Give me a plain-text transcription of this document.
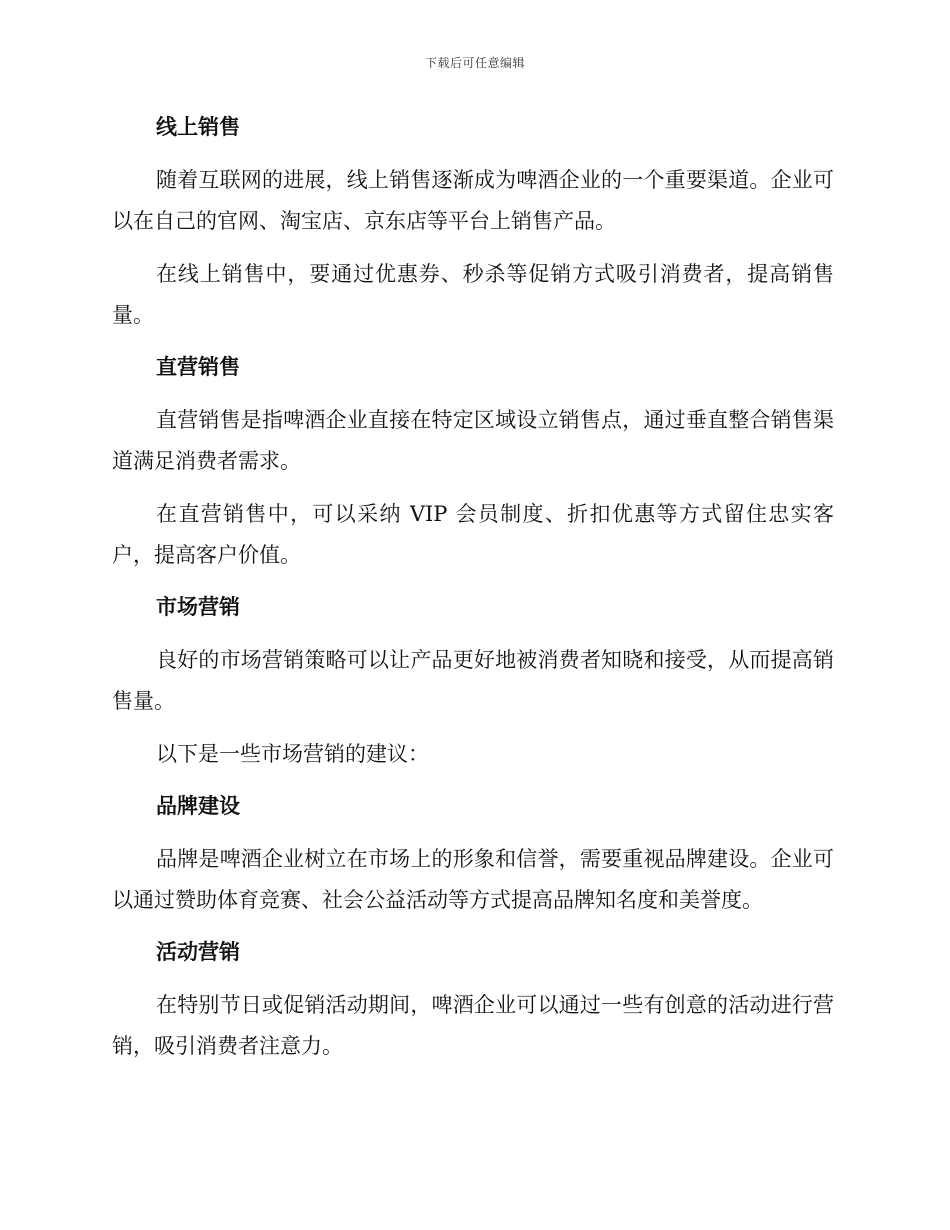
下载后可任意编辑
线上销售

随着互联网的进展，线上销售逐渐成为啤酒企业的一个重要渠道。企业可以在自己的官网、淘宝店、京东店等平台上销售产品。

在线上销售中，要通过优惠券、秒杀等促销方式吸引消费者，提高销售量。

直营销售

直营销售是指啤酒企业直接在特定区域设立销售点，通过垂直整合销售渠道满足消费者需求。

在直营销售中，可以采纳 VIP 会员制度、折扣优惠等方式留住忠实客户，提高客户价值。

市场营销

良好的市场营销策略可以让产品更好地被消费者知晓和接受，从而提高销售量。

以下是一些市场营销的建议：

品牌建设

品牌是啤酒企业树立在市场上的形象和信誉，需要重视品牌建设。企业可以通过赞助体育竞赛、社会公益活动等方式提高品牌知名度和美誉度。

活动营销

在特别节日或促销活动期间，啤酒企业可以通过一些有创意的活动进行营销，吸引消费者注意力。
